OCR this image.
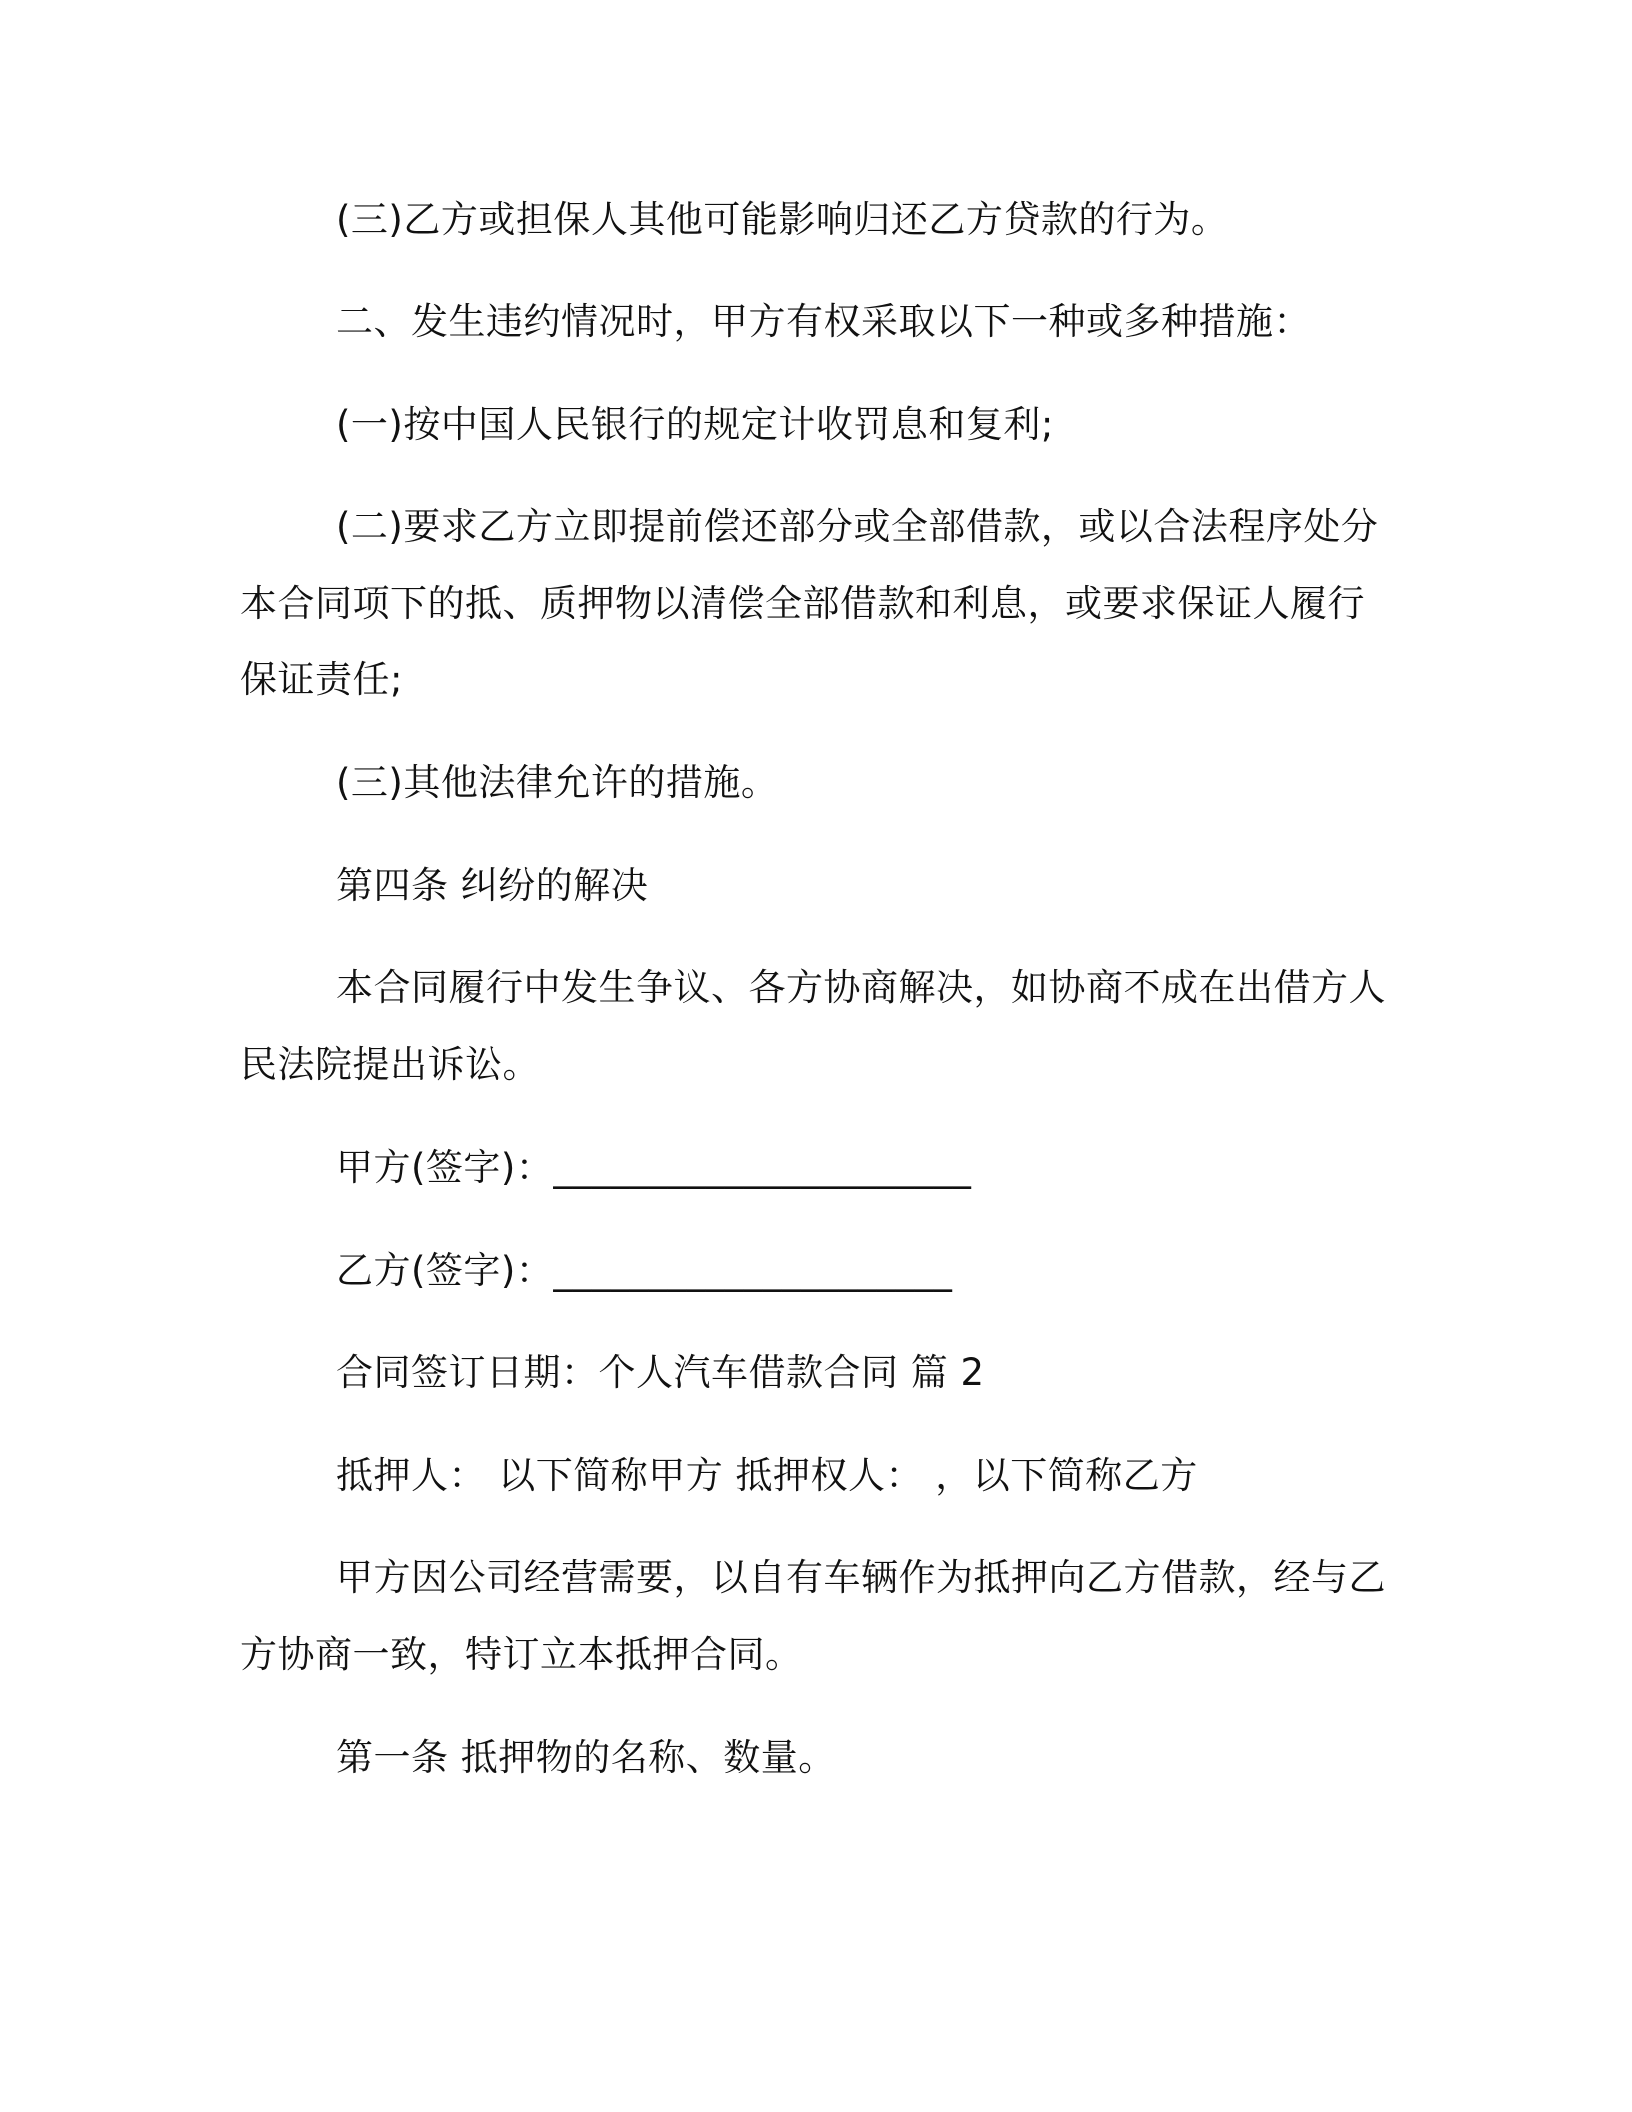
(三)乙方或担保人其他可能影响归还乙方贷款的行为。
二、发生违约情况时，甲方有权采取以下一种或多种措施：
(一)按中国人民银行的规定计收罚息和复利;
(二)要求乙方立即提前偿还部分或全部借款，或以合法程序处分
本合同项下的抵、质押物以清偿全部借款和利息，或要求保证人履行
保证责任;
(三)其他法律允许的措施。
第四条 纠纷的解决
本合同履行中发生争议、各方协商解决，如协商不成在出借方人
民法院提出诉讼。
甲方(签字)：______________________
乙方(签字)：_____________________
合同签订日期：个人汽车借款合同 篇 2
抵押人： 以下简称甲方 抵押权人： ，以下简称乙方
甲方因公司经营需要，以自有车辆作为抵押向乙方借款，经与乙
方协商一致，特订立本抵押合同。
第一条 抵押物的名称、数量。
